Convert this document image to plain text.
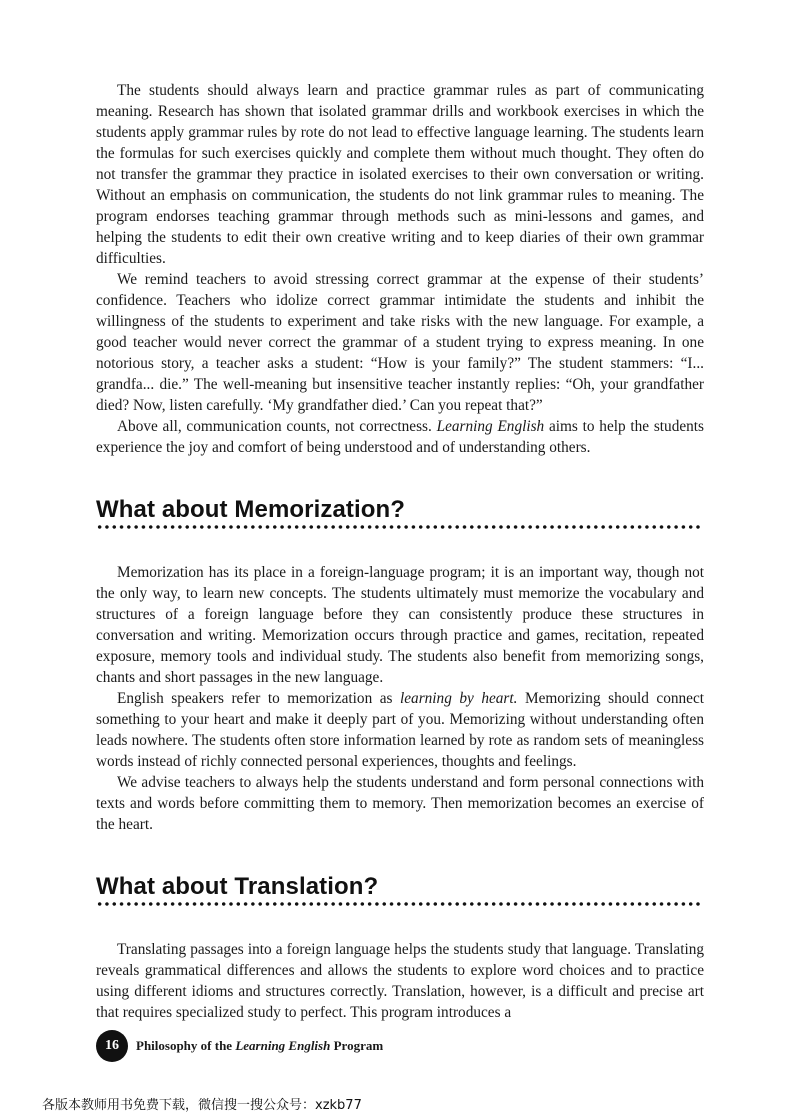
The students should always learn and practice grammar rules as part of communicating meaning. Research has shown that isolated grammar drills and workbook exercises in which the students apply grammar rules by rote do not lead to effective language learning. The students learn the formulas for such exercises quickly and complete them without much thought. They often do not transfer the grammar they practice in isolated exercises to their own conversation or writing. Without an emphasis on communication, the students do not link grammar rules to meaning. The program endorses teaching grammar through methods such as mini-lessons and games, and helping the students to edit their own creative writing and to keep diaries of their own grammar difficulties.

We remind teachers to avoid stressing correct grammar at the expense of their students’ confidence. Teachers who idolize correct grammar intimidate the students and inhibit the willingness of the students to experiment and take risks with the new language. For example, a good teacher would never correct the grammar of a student trying to express meaning. In one notorious story, a teacher asks a student: “How is your family?” The student stammers: “I... grandfa... die.” The well-meaning but insensitive teacher instantly replies: “Oh, your grandfather died? Now, listen carefully. ‘My grandfather died.’ Can you repeat that?”

Above all, communication counts, not correctness. Learning English aims to help the students experience the joy and comfort of being understood and of understanding others.

What about Memorization?

Memorization has its place in a foreign-language program; it is an important way, though not the only way, to learn new concepts. The students ultimately must memorize the vocabulary and structures of a foreign language before they can consistently produce these structures in conversation and writing. Memorization occurs through practice and games, recitation, repeated exposure, memory tools and individual study. The students also benefit from memorizing songs, chants and short passages in the new language.

English speakers refer to memorization as learning by heart. Memorizing should connect something to your heart and make it deeply part of you. Memorizing without understanding often leads nowhere. The students often store information learned by rote as random sets of meaningless words instead of richly connected personal experiences, thoughts and feelings.

We advise teachers to always help the students understand and form personal connections with texts and words before committing them to memory. Then memorization becomes an exercise of the heart.

What about Translation?

Translating passages into a foreign language helps the students study that language. Translating reveals grammatical differences and allows the students to explore word choices and to practice using different idioms and structures correctly. Translation, however, is a difficult and precise art that requires specialized study to perfect. This program introduces a

16	Philosophy of the Learning English Program
各版本教师用书免费下载，微信搜一搜公众号：xzkb77
